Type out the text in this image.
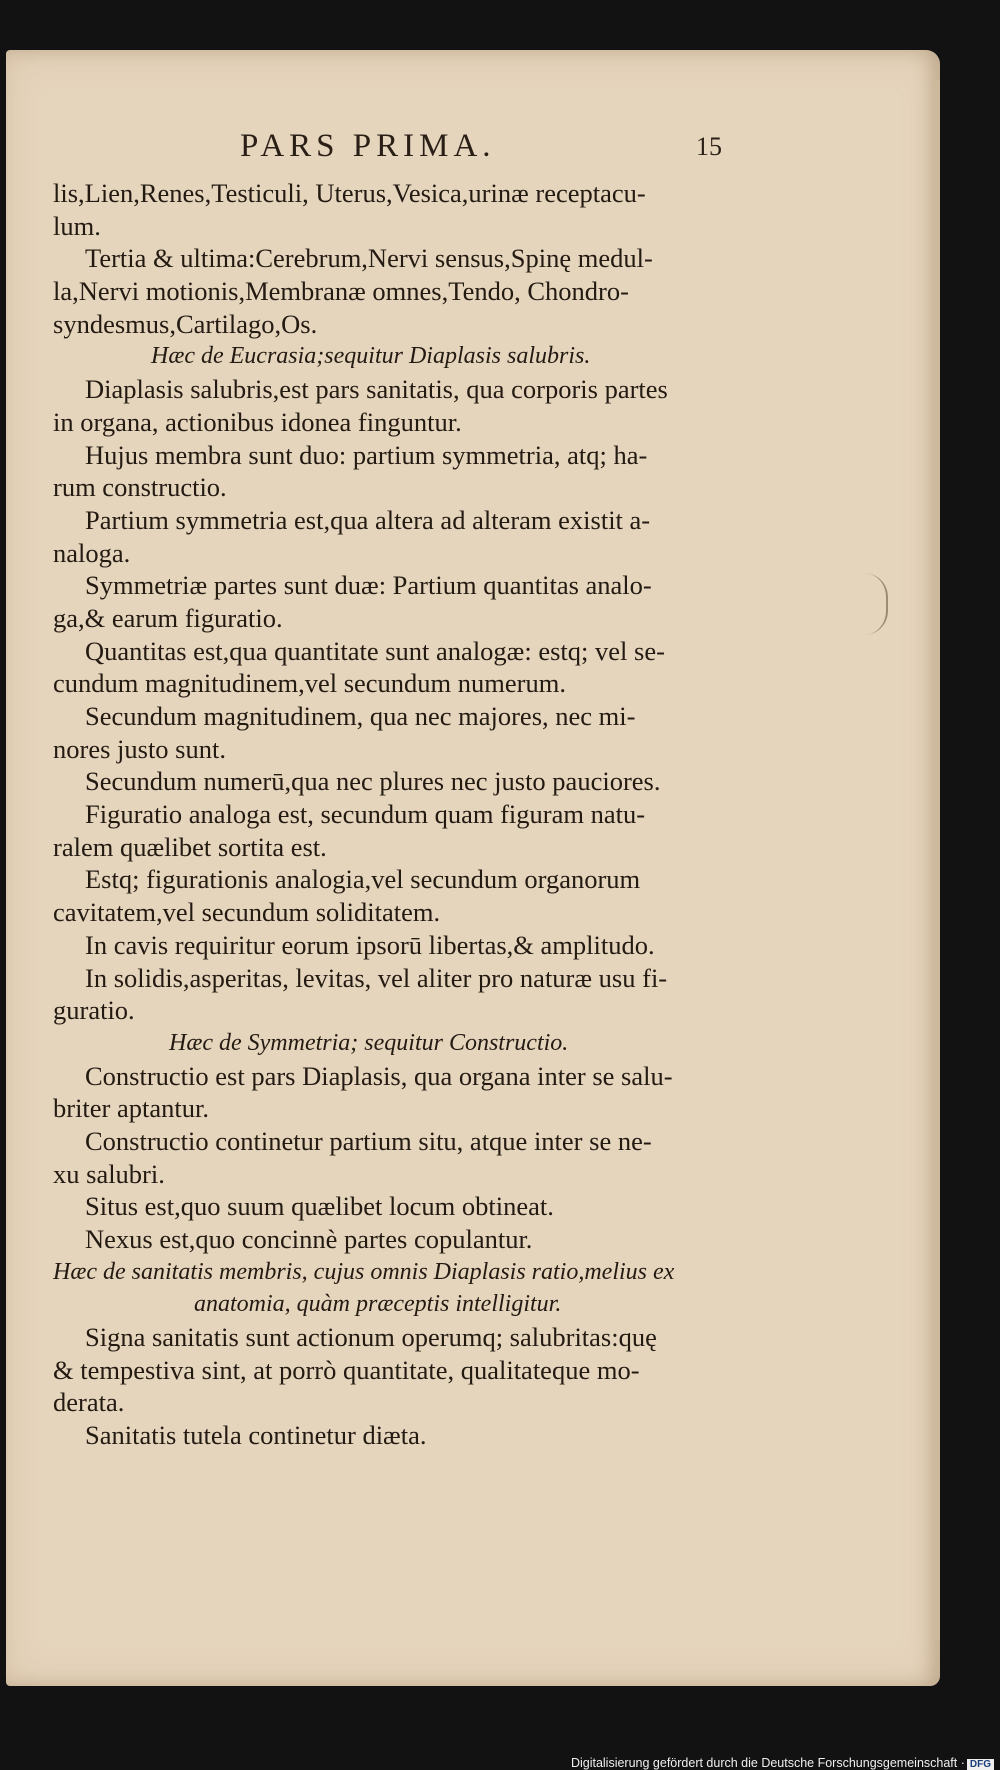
PARS PRIMA.	15
lis,Lien,Renes,Testiculi, Uterus,Vesica,urinæ receptacu-
lum.
Tertia & ultima:Cerebrum,Nervi sensus,Spinę medul-
la,Nervi motionis,Membranæ omnes,Tendo, Chondro-
syndesmus,Cartilago,Os.
Hæc de Eucrasia;sequitur Diaplasis salubris.
Diaplasis salubris,est pars sanitatis, qua corporis partes
in organa, actionibus idonea finguntur.
Hujus membra sunt duo: partium symmetria, atq; ha-
rum constructio.
Partium symmetria est,qua altera ad alteram existit a-
naloga.
Symmetriæ partes sunt duæ: Partium quantitas analo-
ga,& earum figuratio.
Quantitas est,qua quantitate sunt analogæ: estq; vel se-
cundum magnitudinem,vel secundum numerum.
Secundum magnitudinem, qua nec majores, nec mi-
nores justo sunt.
Secundum numerū,qua nec plures nec justo pauciores.
Figuratio analoga est, secundum quam figuram natu-
ralem quælibet sortita est.
Estq; figurationis analogia,vel secundum organorum
cavitatem,vel secundum soliditatem.
In cavis requiritur eorum ipsorū libertas,& amplitudo.
In solidis,asperitas, levitas, vel aliter pro naturæ usu fi-
guratio.
Hæc de Symmetria; sequitur Constructio.
Constructio est pars Diaplasis, qua organa inter se salu-
briter aptantur.
Constructio continetur partium situ, atque inter se ne-
xu salubri.
Situs est,quo suum quælibet locum obtineat.
Nexus est,quo concinnè partes copulantur.
Hæc de sanitatis membris, cujus omnis Diaplasis ratio,melius ex
anatomia, quàm præceptis intelligitur.
Signa sanitatis sunt actionum operumq; salubritas:quę
& tempestiva sint, at porrò quantitate, qualitateque mo-
derata.
Sanitatis tutela continetur diæta.
Digitalisierung gefördert durch die Deutsche Forschungsgemeinschaft · DFG
